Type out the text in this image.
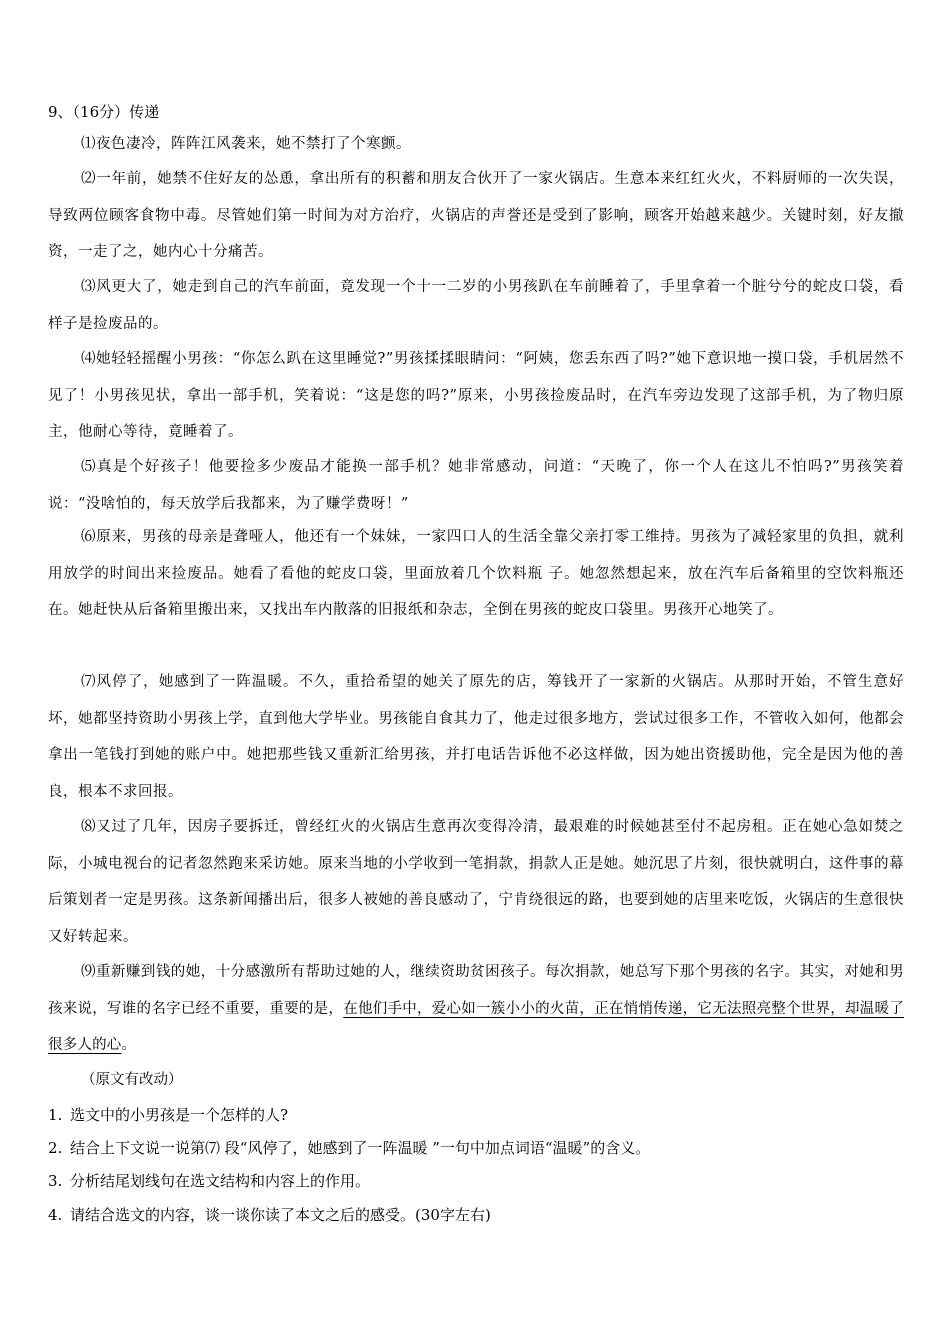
9、（16分）传递

⑴夜色凄冷，阵阵江风袭来，她不禁打了个寒颤。

⑵一年前，她禁不住好友的怂恿，拿出所有的积蓄和朋友合伙开了一家火锅店。生意本来红红火火，不料厨师的一次失误，导致两位顾客食物中毒。尽管她们第一时间为对方治疗，火锅店的声誉还是受到了影响，顾客开始越来越少。关键时刻，好友撤资，一走了之，她内心十分痛苦。

⑶风更大了，她走到自己的汽车前面，竟发现一个十一二岁的小男孩趴在车前睡着了，手里拿着一个脏兮兮的蛇皮口袋，看样子是捡废品的。

⑷她轻轻摇醒小男孩：“你怎么趴在这里睡觉?”男孩揉揉眼睛问：“阿姨，您丢东西了吗?”她下意识地一摸口袋，手机居然不见了！小男孩见状，拿出一部手机，笑着说：“这是您的吗?”原来，小男孩捡废品时，在汽车旁边发现了这部手机，为了物归原主，他耐心等待，竟睡着了。

⑸真是个好孩子！他要捡多少废品才能换一部手机？她非常感动，问道：“天晚了，你一个人在这儿不怕吗?”男孩笑着说：“没啥怕的，每天放学后我都来，为了赚学费呀！”

⑹原来，男孩的母亲是聋哑人，他还有一个妹妹，一家四口人的生活全靠父亲打零工维持。男孩为了减轻家里的负担，就利用放学的时间出来捡废品。她看了看他的蛇皮口袋，里面放着几个饮料瓶 子。她忽然想起来，放在汽车后备箱里的空饮料瓶还在。她赶快从后备箱里搬出来，又找出车内散落的旧报纸和杂志，全倒在男孩的蛇皮口袋里。男孩开心地笑了。

⑺风停了，她感到了一阵温暖。不久，重拾希望的她关了原先的店，筹钱开了一家新的火锅店。从那时开始，不管生意好坏，她都坚持资助小男孩上学，直到他大学毕业。男孩能自食其力了，他走过很多地方，尝试过很多工作，不管收入如何，他都会拿出一笔钱打到她的账户中。她把那些钱又重新汇给男孩，并打电话告诉他不必这样做，因为她出资援助他，完全是因为他的善良，根本不求回报。

⑻又过了几年，因房子要拆迁，曾经红火的火锅店生意再次变得冷清，最艰难的时候她甚至付不起房租。正在她心急如焚之际，小城电视台的记者忽然跑来采访她。原来当地的小学收到一笔捐款，捐款人正是她。她沉思了片刻，很快就明白，这件事的幕后策划者一定是男孩。这条新闻播出后，很多人被她的善良感动了，宁肯绕很远的路，也要到她的店里来吃饭，火锅店的生意很快又好转起来。

⑼重新赚到钱的她，十分感激所有帮助过她的人，继续资助贫困孩子。每次捐款，她总写下那个男孩的名字。其实，对她和男孩来说，写谁的名字已经不重要，重要的是，在他们手中，爱心如一簇小小的火苗，正在悄悄传递，它无法照亮整个世界，却温暖了很多人的心。

（原文有改动）
1. 选文中的小男孩是一个怎样的人?
2. 结合上下文说一说第⑺ 段“风停了，她感到了一阵温暖 ”一句中加点词语“温暖”的含义。
3. 分析结尾划线句在选文结构和内容上的作用。
4. 请结合选文的内容，谈一谈你读了本文之后的感受。(30字左右)
